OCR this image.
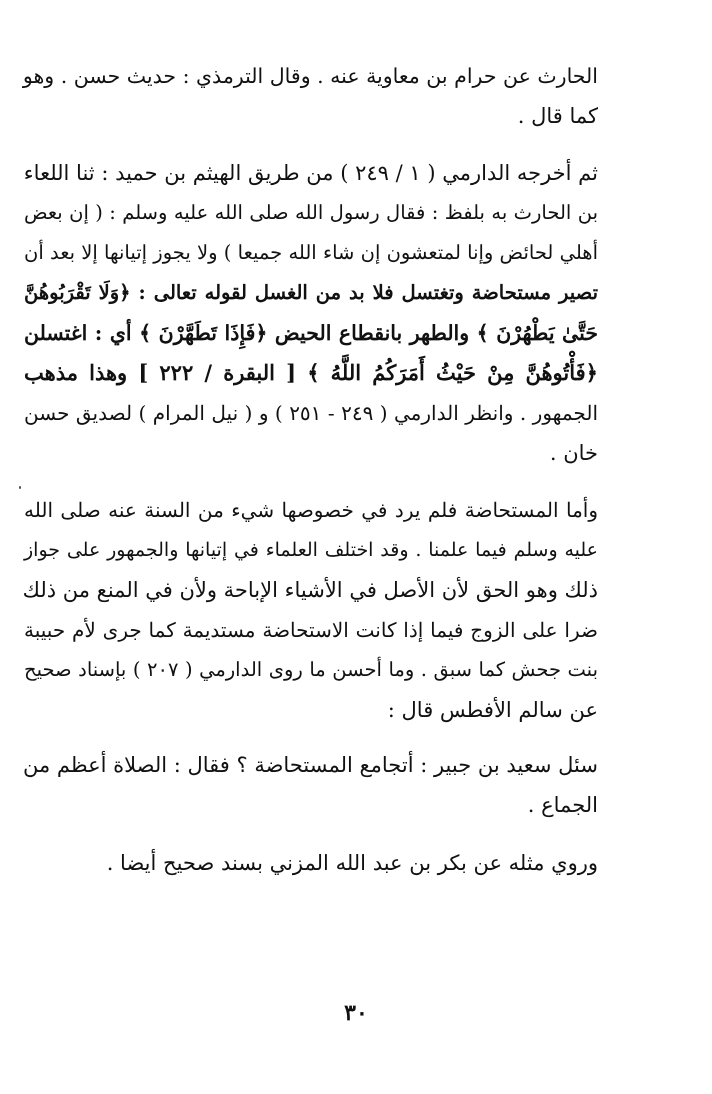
الحارث عن حرام بن معاوية عنه . وقال الترمذي : حديث حسن . وهو
كما قال .
ثم أخرجه الدارمي ( ١ / ٢٤٩ ) من طريق الهيثم بن حميد : ثنا اللعاء
بن الحارث به بلفظ : فقال رسول الله صلى الله عليه وسلم : ( إن بعض
أهلي لحائض وإنا لمتعشون إن شاء الله جميعا ) ولا يجوز إتيانها إلا بعد أن
تصير مستحاضة وتغتسل فلا بد من الغسل لقوله تعالى : ﴿وَلَا تَقْرَبُوهُنَّ
حَتَّىٰ يَطْهُرْنَ ﴾ والطهر بانقطاع الحيض ﴿فَإِذَا تَطَهَّرْنَ ﴾ أي : اغتسلن
﴿فَأْتُوهُنَّ مِنْ حَيْثُ أَمَرَكُمُ اللَّهُ ﴾ [ البقرة / ٢٢٢ ] وهذا مذهب
الجمهور . وانظر الدارمي ( ٢٤٩ - ٢٥١ ) و ( نيل المرام ) لصديق حسن
خان .
وأما المستحاضة فلم يرد في خصوصها شيء من السنة عنه صلى الله
عليه وسلم فيما علمنا . وقد اختلف العلماء في إتيانها والجمهور على جواز
ذلك وهو الحق لأن الأصل في الأشياء الإباحة ولأن في المنع من ذلك
ضرا على الزوج فيما إذا كانت الاستحاضة مستديمة كما جرى لأم حبيبة
بنت جحش كما سبق . وما أحسن ما روى الدارمي ( ٢٠٧ ) بإسناد صحيح
عن سالم الأفطس قال :
سئل سعيد بن جبير : أتجامع المستحاضة ؟ فقال : الصلاة أعظم من
الجماع .
وروي مثله عن بكر بن عبد الله المزني بسند صحيح أيضا .
٣٠
